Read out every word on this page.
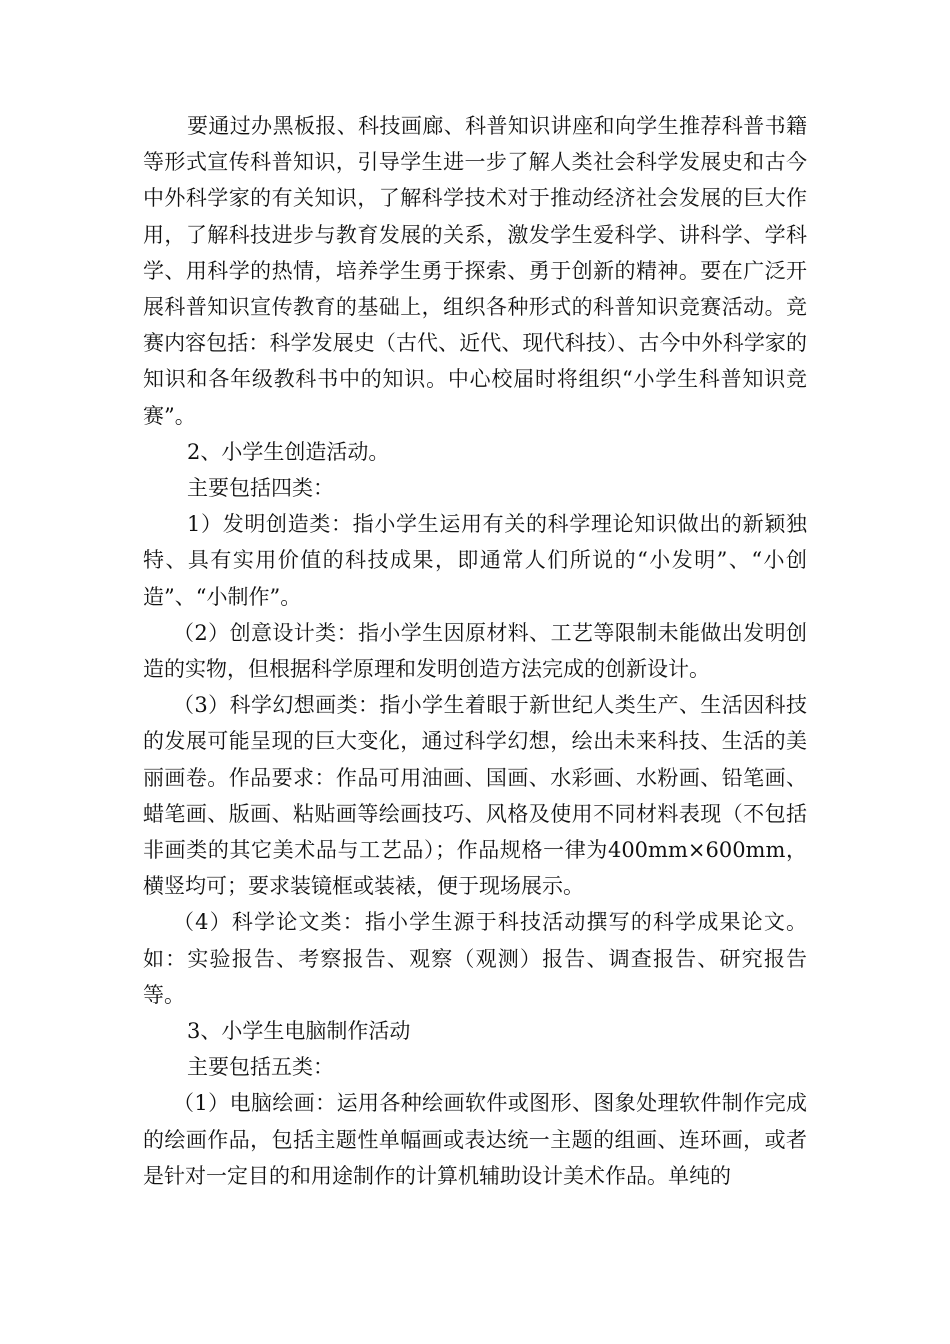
要通过办黑板报、科技画廊、科普知识讲座和向学生推荐科普书籍等形式宣传科普知识，引导学生进一步了解人类社会科学发展史和古今中外科学家的有关知识，了解科学技术对于推动经济社会发展的巨大作用，了解科技进步与教育发展的关系，激发学生爱科学、讲科学、学科学、用科学的热情，培养学生勇于探索、勇于创新的精神。要在广泛开展科普知识宣传教育的基础上，组织各种形式的科普知识竞赛活动。竞赛内容包括：科学发展史（古代、近代、现代科技）、古今中外科学家的知识和各年级教科书中的知识。中心校届时将组织“小学生科普知识竞赛”。

2、小学生创造活动。

主要包括四类：

1）发明创造类：指小学生运用有关的科学理论知识做出的新颖独特、具有实用价值的科技成果，即通常人们所说的“小发明”、“小创造”、“小制作”。

（2）创意设计类：指小学生因原材料、工艺等限制未能做出发明创造的实物，但根据科学原理和发明创造方法完成的创新设计。

（3）科学幻想画类：指小学生着眼于新世纪人类生产、生活因科技的发展可能呈现的巨大变化，通过科学幻想，绘出未来科技、生活的美丽画卷。作品要求：作品可用油画、国画、水彩画、水粉画、铅笔画、蜡笔画、版画、粘贴画等绘画技巧、风格及使用不同材料表现（不包括非画类的其它美术品与工艺品）；作品规格一律为400mm×600mm，横竖均可；要求装镜框或装裱，便于现场展示。

（4）科学论文类：指小学生源于科技活动撰写的科学成果论文。如：实验报告、考察报告、观察（观测）报告、调查报告、研究报告等。

3、小学生电脑制作活动

主要包括五类：

（1）电脑绘画：运用各种绘画软件或图形、图象处理软件制作完成的绘画作品，包括主题性单幅画或表达统一主题的组画、连环画，或者是针对一定目的和用途制作的计算机辅助设计美术作品。单纯的
